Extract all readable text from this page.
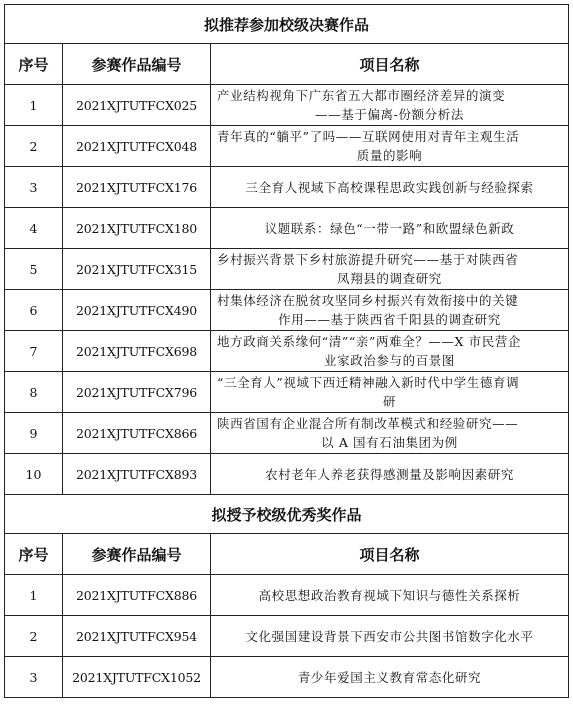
拟推荐参加校级决赛作品		
序号	参赛作品编号	项目名称
1	2021XJTUTFCX025	产业结构视角下广东省五大都市圈经济差异的演变
——基于偏离-份额分析法

2	2021XJTUTFCX048	青年真的“躺平”了吗——互联网使用对青年主观生活
质量的影响

3	2021XJTUTFCX176	三全育人视域下高校课程思政实践创新与经验探索
4	2021XJTUTFCX180	议题联系：绿色“一带一路”和欧盟绿色新政
5	2021XJTUTFCX315	乡村振兴背景下乡村旅游提升研究——基于对陕西省
凤翔县的调查研究

6	2021XJTUTFCX490	村集体经济在脱贫攻坚同乡村振兴有效衔接中的关键
作用——基于陕西省千阳县的调查研究

7	2021XJTUTFCX698	地方政商关系缘何“清”“亲”两难全？——X 市民营企
业家政治参与的百景图

8	2021XJTUTFCX796	“三全育人”视域下西迁精神融入新时代中学生德育调
研

9	2021XJTUTFCX866	陕西省国有企业混合所有制改革模式和经验研究——
以 A 国有石油集团为例

10	2021XJTUTFCX893	农村老年人养老获得感测量及影响因素研究
拟授予校级优秀奖作品		
序号	参赛作品编号	项目名称
1	2021XJTUTFCX886	高校思想政治教育视域下知识与德性关系探析
2	2021XJTUTFCX954	文化强国建设背景下西安市公共图书馆数字化水平
3	2021XJTUTFCX1052	青少年爱国主义教育常态化研究
